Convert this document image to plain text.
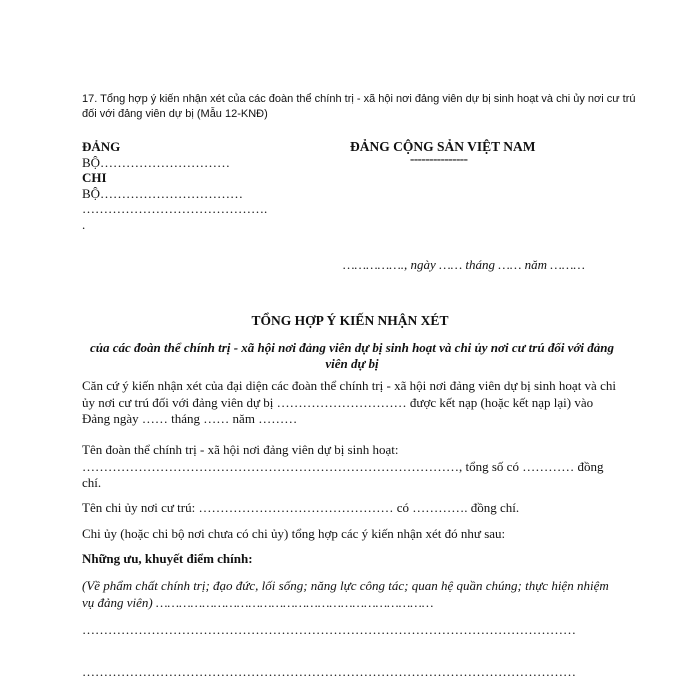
17. Tổng hợp ý kiến nhận xét của các đoàn thể chính trị - xã hội nơi đảng viên dự bị sinh hoạt và chi ủy nơi cư trú đối với đảng viên dự bị (Mẫu 12-KNĐ)
ĐẢNG
BỘ…………………………
CHI
BỘ……………………………
…………………………………….
.
ĐẢNG CỘNG SẢN VIỆT NAM
---------------
……………., ngày …… tháng …… năm ………
TỔNG HỢP Ý KIẾN NHẬN XÉT
của các đoàn thể chính trị - xã hội nơi đảng viên dự bị sinh hoạt và chi ủy nơi cư trú đối với đảng viên dự bị
Căn cứ ý kiến nhận xét của đại diện các đoàn thể chính trị - xã hội nơi đảng viên dự bị sinh hoạt và chi ủy nơi cư trú đối với đảng viên dự bị ………………………… được kết nạp (hoặc kết nạp lại) vào Đảng ngày …… tháng …… năm ………
Tên đoàn thể chính trị - xã hội nơi đảng viên dự bị sinh hoạt: ……………………………………………………………………………, tổng số có ………… đồng chí.
Tên chi ủy nơi cư trú: ……………………………………… có …………. đồng chí.
Chi ủy (hoặc chi bộ nơi chưa có chi ủy) tổng hợp các ý kiến nhận xét đó như sau:
Những ưu, khuyết điểm chính:
(Về phẩm chất chính trị; đạo đức, lối sống; năng lực công tác; quan hệ quần chúng; thực hiện nhiệm vụ đảng viên) ………………………………………………………………
……………………………………………………………………………………………………
……………………………………………………………………………………………………
